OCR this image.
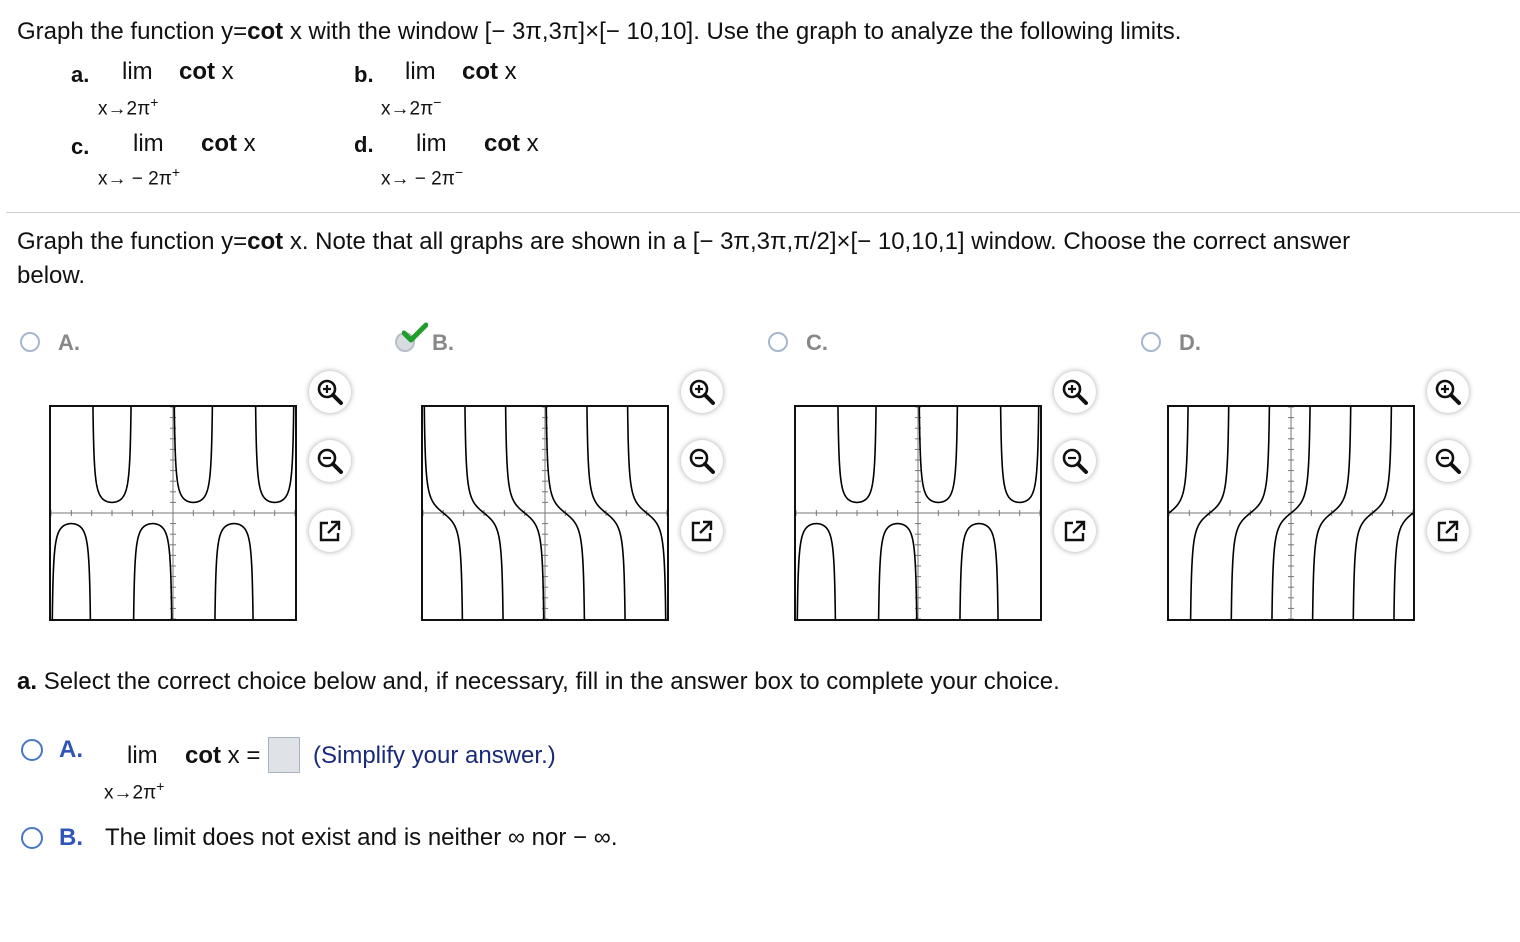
Graph the function y=cot x with the window [− 3π,3π]×[− 10,10]. Use the graph to analyze the following limits.
a. lim cot x
x→2π+
b. lim cot x
x→2π−
c. lim cot x
x→ − 2π+
d. lim cot x
x→ − 2π−
Graph the function y=cot x. Note that all graphs are shown in a [− 3π,3π,π/2]×[− 10,10,1] window. Choose the correct answer
below.
A.	B.	C.	D.
a. Select the correct choice below and, if necessary, fill in the answer box to complete your choice.
A. lim cot x = (Simplify your answer.)
x→2π+
B. The limit does not exist and is neither ∞ nor − ∞.
